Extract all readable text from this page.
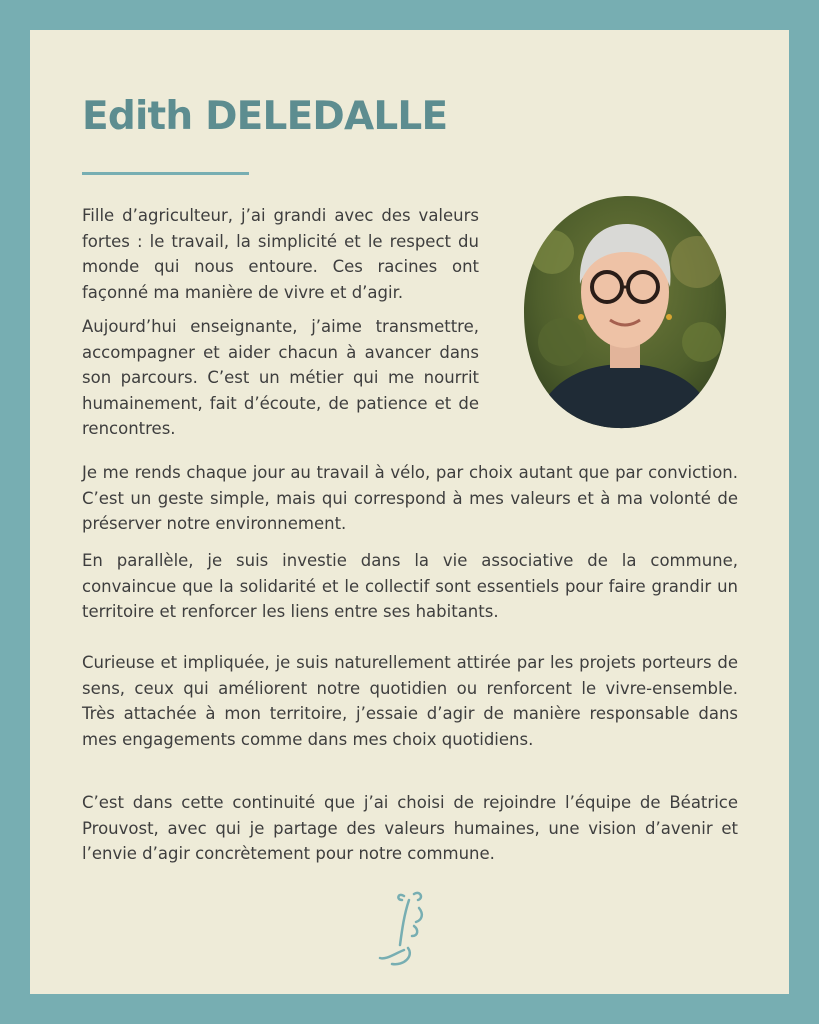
Edith DELEDALLE

Fille d’agriculteur, j’ai grandi avec des valeurs fortes : le travail, la simplicité et le respect du monde qui nous entoure. Ces racines ont façonné ma manière de vivre et d’agir.

Aujourd’hui enseignante, j’aime transmettre, accompagner et aider chacun à avancer dans son parcours. C’est un métier qui me nourrit humainement, fait d’écoute, de patience et de rencontres.

Je me rends chaque jour au travail à vélo, par choix autant que par conviction. C’est un geste simple, mais qui correspond à mes valeurs et à ma volonté de préserver notre environnement.

En parallèle, je suis investie dans la vie associative de la commune, convaincue que la solidarité et le collectif sont essentiels pour faire grandir un territoire et renforcer les liens entre ses habitants.

Curieuse et impliquée, je suis naturellement attirée par les projets porteurs de sens, ceux qui améliorent notre quotidien ou renforcent le vivre-ensemble. Très attachée à mon territoire, j’essaie d’agir de manière responsable dans mes engagements comme dans mes choix quotidiens.

C’est dans cette continuité que j’ai choisi de rejoindre l’équipe de Béatrice Prouvost, avec qui je partage des valeurs humaines, une vision d’avenir et l’envie d’agir concrètement pour notre commune.
